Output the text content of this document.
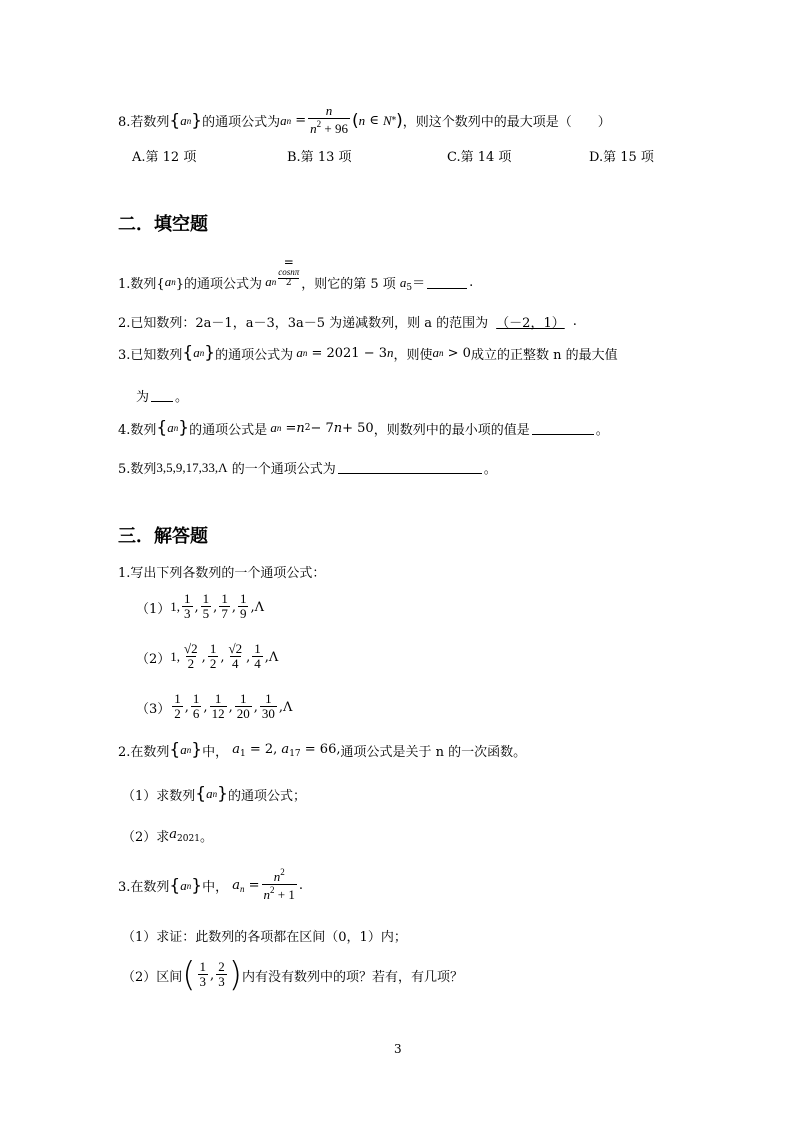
8.若数列 { a n } 的通项公式为 a $n = \frac{n}{n^2 + 96}$ ( n ∈ N * ) ，则这个数列中的最大项是（　　）
A.第 12 项	B.第 13 项	C.第 14 项	D.第 15 项
二．填空题
1.数列{ a n }的通项公式为 a n
=
cosnπ
2 ，则它的第 5 项 $a_5=$	.
2.已知数列：2a－1，a－3，3a－5 为递减数列，则 a 的范围为 （－2，1） .
3.已知数列 { a n } 的通项公式为 a n = 2021 − 3 n ，则使 a n > 0 成立的正整数 n 的最大值
为 。
4.数列 { a n } 的通项公式是 a n = n 2 − 7 n + 50 ，则数列中的最小项的值是	。
5.数列 3,5,9,17,33,Λ
的一个通项公式为	。
三．解答题
1.写出下列各数列的一个通项公式：
（1） 1, $\frac{1}{3}$ , $\frac{1}{5}$ , $\frac{1}{7}$ , $\frac{1}{9} ,\Lambda$
（2） 1, $\frac{√2}{2}$ , $\frac{1}{2}$ , $\frac{√2}{4}$ , $\frac{1}{4} ,\Lambda$
$(3) \frac{1}{2}$ , $\frac{1}{6}$ , $\frac{1}{12}$ , $\frac{1}{20}$ , $\frac{1}{30} ,\Lambda$
2.在数列 { a n } 中， $a_1 = 2$, $a_{17} = 66$, 通项公式是关于 n 的一次函数。
（1）求数列 { a n } 的通项公式；
（2）求 $a_{2021}$ 。
3.在数列 { a n } 中， $a_n = \frac{n^2}{n^2 + 1}$ .
（1）求证：此数列的各项都在区间（0，1）内；
（2）区间 ( $\frac{1}{3}$ , $\frac{2}{3}$ ) 内有没有数列中的项？若有，有几项？
3
